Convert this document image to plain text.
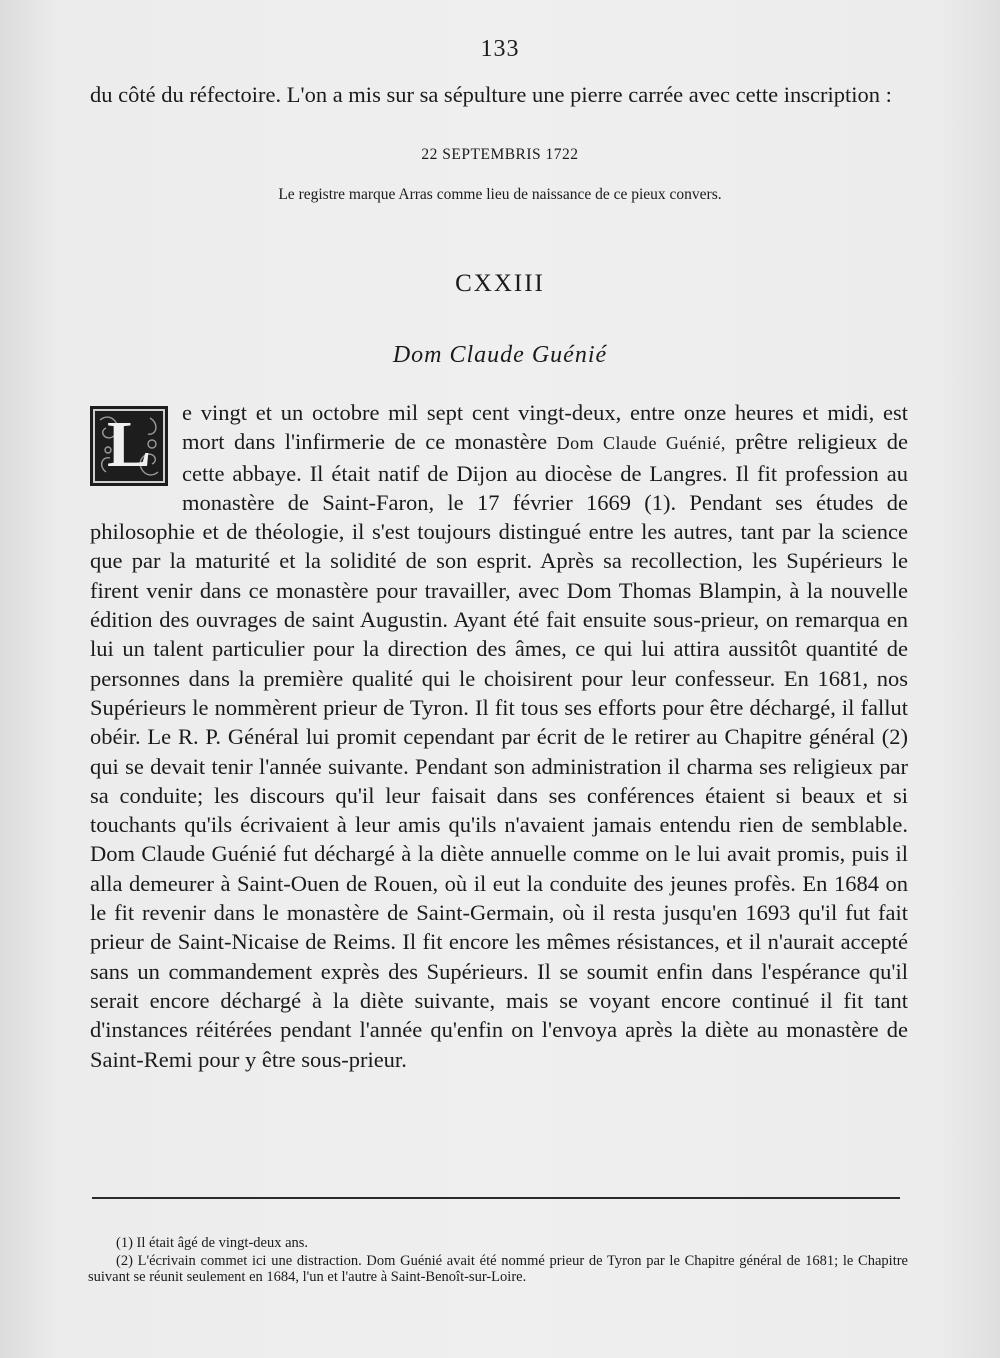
133

du côté du réfectoire. L'on a mis sur sa sépulture une pierre carrée avec cette inscription :

22 SEPTEMBRIS 1722
Le registre marque Arras comme lieu de naissance de ce pieux convers.
CXXIII
Dom Claude Guénié

L	e vingt et un octobre mil sept cent vingt-deux, entre onze heures et midi, est mort dans l'infirmerie de ce monastère Dom Claude Guénié, prêtre religieux de cette abbaye. Il était natif de Dijon au diocèse de Langres. Il fit profession au monastère de Saint-Faron, le 17 février 1669 (1). Pendant ses études de philosophie et de théologie, il s'est toujours distingué entre les autres, tant par la science que par la maturité et la solidité de son esprit. Après sa recollection, les Supérieurs le firent venir dans ce monastère pour travailler, avec Dom Thomas Blampin, à la nouvelle édition des ouvrages de saint Augustin. Ayant été fait ensuite sous-prieur, on remarqua en lui un talent particulier pour la direction des âmes, ce qui lui attira aussitôt quantité de personnes dans la première qualité qui le choisirent pour leur confesseur. En 1681, nos Supérieurs le nommèrent prieur de Tyron. Il fit tous ses efforts pour être déchargé, il fallut obéir. Le R. P. Général lui promit cependant par écrit de le retirer au Chapitre général (2) qui se devait tenir l'année suivante. Pendant son administration il charma ses religieux par sa conduite; les discours qu'il leur faisait dans ses conférences étaient si beaux et si touchants qu'ils écrivaient à leur amis qu'ils n'avaient jamais entendu rien de semblable. Dom Claude Guénié fut déchargé à la diète annuelle comme on le lui avait promis, puis il alla demeurer à Saint-Ouen de Rouen, où il eut la conduite des jeunes profès. En 1684 on le fit revenir dans le monastère de Saint-Germain, où il resta jusqu'en 1693 qu'il fut fait prieur de Saint-Nicaise de Reims. Il fit encore les mêmes résistances, et il n'aurait accepté sans un commandement exprès des Supérieurs. Il se soumit enfin dans l'espérance qu'il serait encore déchargé à la diète suivante, mais se voyant encore continué il fit tant d'instances réitérées pendant l'année qu'enfin on l'envoya après la diète au monastère de Saint-Remi pour y être sous-prieur.

(1) Il était âgé de vingt-deux ans.

(2) L'écrivain commet ici une distraction. Dom Guénié avait été nommé prieur de Tyron par le Chapitre général de 1681; le Chapitre suivant se réunit seulement en 1684, l'un et l'autre à Saint-Benoît-sur-Loire.
